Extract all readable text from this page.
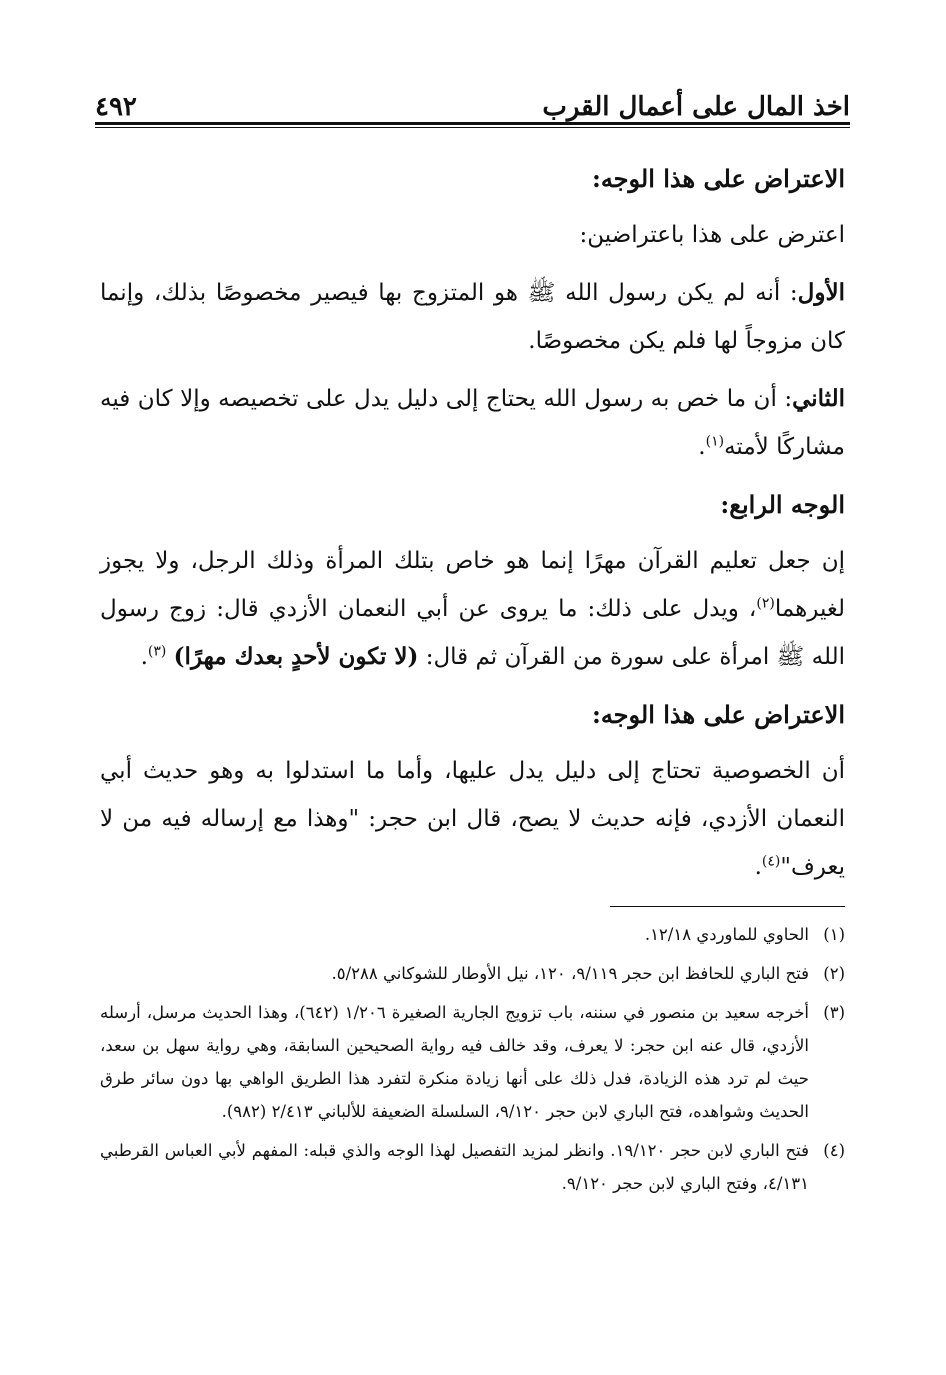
اخذ المال على أعمال القرب
٤٩٢
الاعتراض على هذا الوجه:

اعترض على هذا باعتراضين:

الأول: أنه لم يكن رسول الله ﷺ هو المتزوج بها فيصير مخصوصًا بذلك، وإنما كان مزوجاً لها فلم يكن مخصوصًا.

الثاني: أن ما خص به رسول الله يحتاج إلى دليل يدل على تخصيصه وإلا كان فيه مشاركًا لأمته$^{(١)}$.

الوجه الرابع:

إن جعل تعليم القرآن مهرًا إنما هو خاص بتلك المرأة وذلك الرجل، ولا يجوز لغيرهما$^{(٢)}$، ويدل على ذلك: ما يروى عن أبي النعمان الأزدي قال: زوج رسول الله ﷺ امرأة على سورة من القرآن ثم قال: (لا تكون لأحدٍ بعدك مهرًا) $^{(٣)}$.

الاعتراض على هذا الوجه:

أن الخصوصية تحتاج إلى دليل يدل عليها، وأما ما استدلوا به وهو حديث أبي النعمان الأزدي، فإنه حديث لا يصح، قال ابن حجر: "وهذا مع إرساله فيه من لا يعرف"$^{(٤)}$.

(١)الحاوي للماوردي ١٢/١٨.
(٢)فتح الباري للحافظ ابن حجر ٩/١١٩، ١٢٠، نيل الأوطار للشوكاني ٥/٢٨٨.
(٣)أخرجه سعيد بن منصور في سننه، باب تزويج الجارية الصغيرة ١/٢٠٦ (٦٤٢)، وهذا الحديث مرسل، أرسله الأزدي، قال عنه ابن حجر: لا يعرف، وقد خالف فيه رواية الصحيحين السابقة، وهي رواية سهل بن سعد، حيث لم ترد هذه الزيادة، فدل ذلك على أنها زيادة منكرة لتفرد هذا الطريق الواهي بها دون سائر طرق الحديث وشواهده، فتح الباري لابن حجر ٩/١٢٠، السلسلة الضعيفة للألباني ٢/٤١٣ (٩٨٢).
(٤)فتح الباري لابن حجر ١٩/١٢٠. وانظر لمزيد التفصيل لهذا الوجه والذي قبله: المفهم لأبي العباس القرطبي ٤/١٣١، وفتح الباري لابن حجر ٩/١٢٠.
